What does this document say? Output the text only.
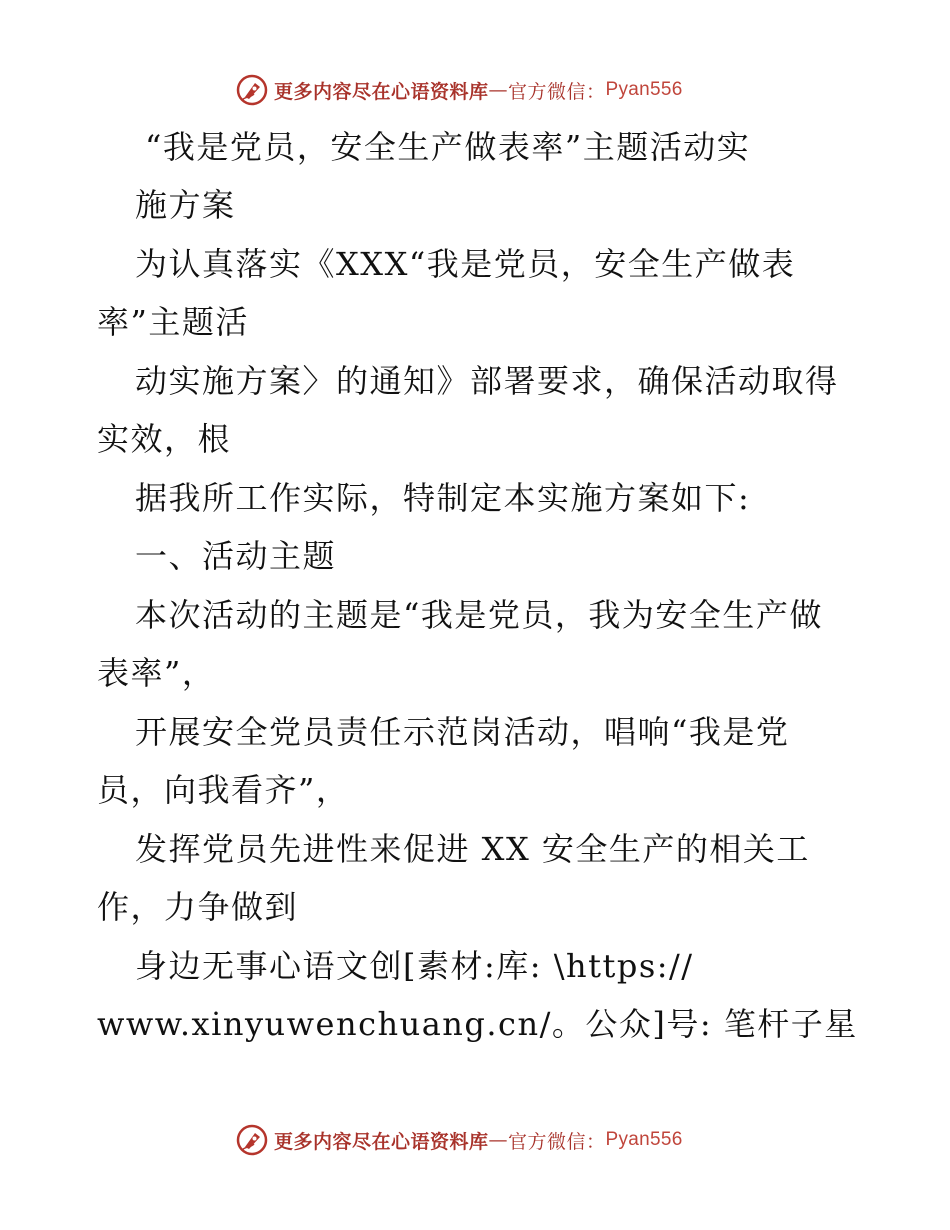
更多内容尽在心语资料库 — 官方微信： Pyan556
“我是党员，安全生产做表率”主题活动实
施方案
为认真落实《XXX“我是党员，安全生产做表
率”主题活
动实施方案〉的通知》部署要求，确保活动取得
实效，根
据我所工作实际，特制定本实施方案如下:
一、活动主题
本次活动的主题是“我是党员，我为安全生产做
表率”，
开展安全党员责任示范岗活动，唱响“我是党
员，向我看齐”，
发挥党员先进性来促进 XX 安全生产的相关工
作，力争做到
身边无事心语文创[素材:库: \https://
www.xinyuwenchuang.cn/。公众]号: 笔杆子星
更多内容尽在心语资料库 — 官方微信： Pyan556
